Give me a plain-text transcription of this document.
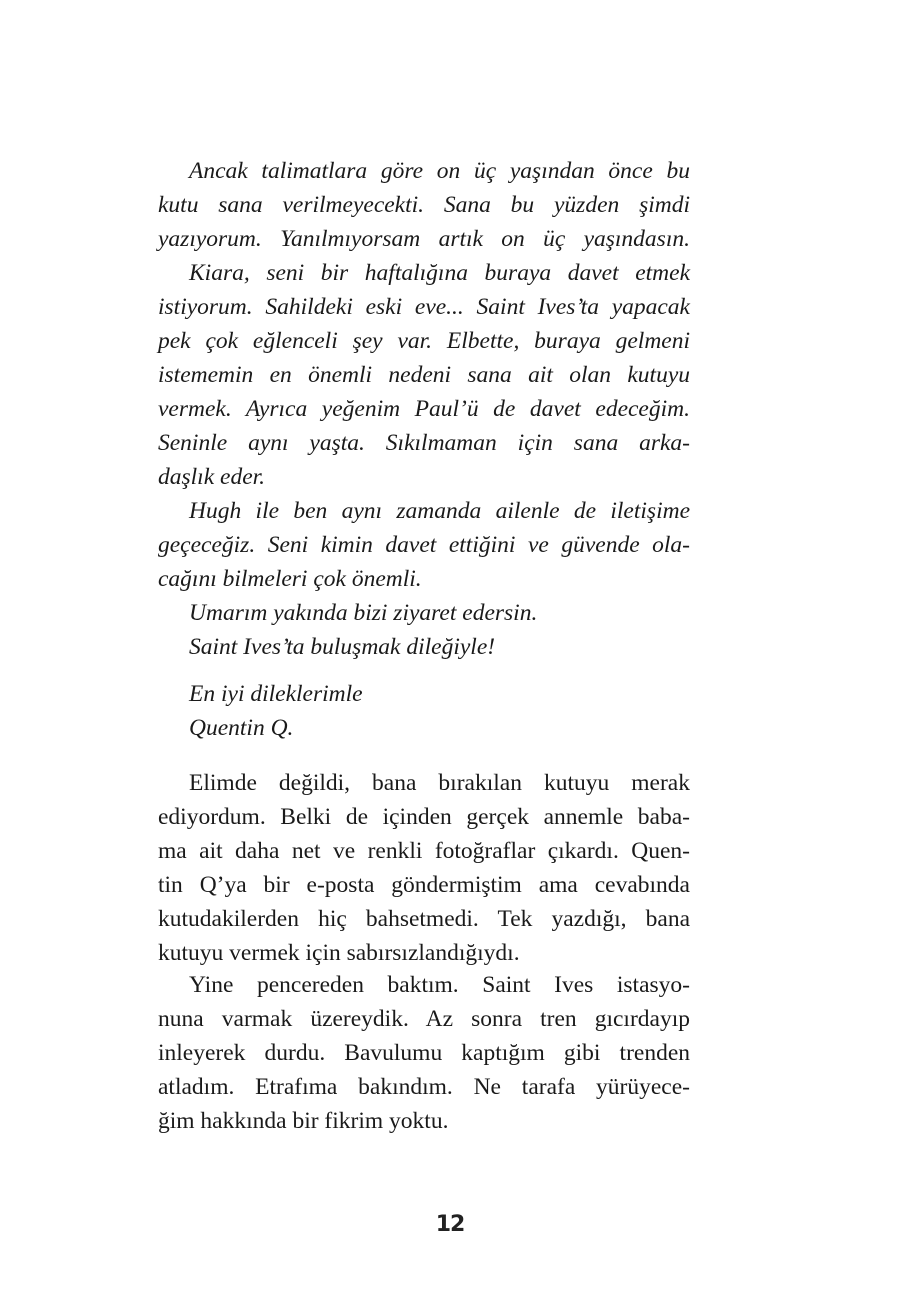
Ancak talimatlara göre on üç yaşından önce bu
kutu sana verilmeyecekti. Sana bu yüzden şimdi
yazıyorum. Yanılmıyorsam artık on üç yaşındasın.
Kiara, seni bir haftalığına buraya davet etmek
istiyorum. Sahildeki eski eve... Saint Ives’ta yapacak
pek çok eğlenceli şey var. Elbette, buraya gelmeni
istememin en önemli nedeni sana ait olan kutuyu
vermek. Ayrıca yeğenim Paul’ü de davet edeceğim.
Seninle aynı yaşta. Sıkılmaman için sana arka-
daşlık eder.
Hugh ile ben aynı zamanda ailenle de iletişime
geçeceğiz. Seni kimin davet ettiğini ve güvende ola-
cağını bilmeleri çok önemli.
Umarım yakında bizi ziyaret edersin.
Saint Ives’ta buluşmak dileğiyle!
En iyi dileklerimle
Quentin Q.
Elimde değildi, bana bırakılan kutuyu merak
ediyordum. Belki de içinden gerçek annemle baba-
ma ait daha net ve renkli fotoğraflar çıkardı. Quen-
tin Q’ya bir e-posta göndermiştim ama cevabında
kutudakilerden hiç bahsetmedi. Tek yazdığı, bana
kutuyu vermek için sabırsızlandığıydı.
Yine pencereden baktım. Saint Ives istasyo-
nuna varmak üzereydik. Az sonra tren gıcırdayıp
inleyerek durdu. Bavulumu kaptığım gibi trenden
atladım. Etrafıma bakındım. Ne tarafa yürüyece-
ğim hakkında bir fikrim yoktu.
12
